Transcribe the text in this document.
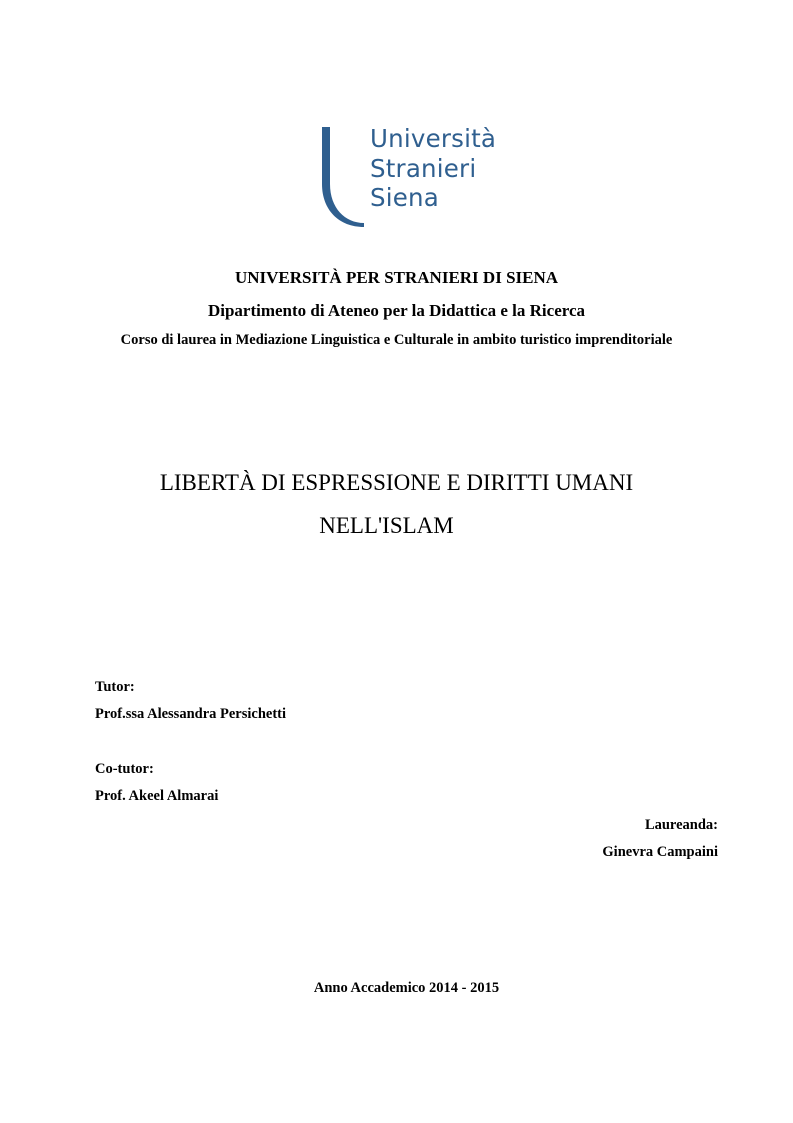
Università
Stranieri
Siena
UNIVERSITÀ PER STRANIERI DI SIENA
Dipartimento di Ateneo per la Didattica e la Ricerca
Corso di laurea in Mediazione Linguistica e Culturale in ambito turistico imprenditoriale
LIBERTÀ DI ESPRESSIONE E DIRITTI UMANI
NELL'ISLAM
Tutor:
Prof.ssa Alessandra Persichetti
Co-tutor:
Prof. Akeel Almarai
Laureanda:
Ginevra Campaini
Anno Accademico 2014 - 2015
